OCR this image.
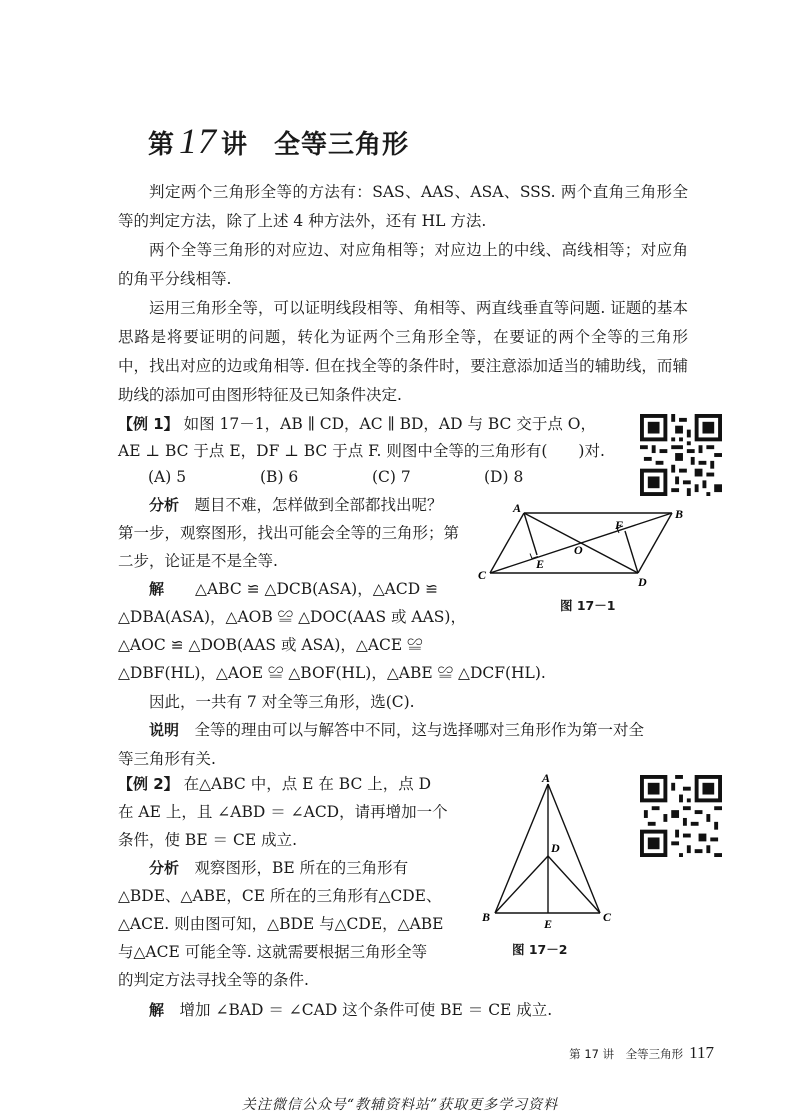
第 17 讲 全等三角形

判定两个三角形全等的方法有：SAS、AAS、ASA、SSS. 两个直角三角形全等的判定方法，除了上述 4 种方法外，还有 HL 方法.

两个全等三角形的对应边、对应角相等；对应边上的中线、高线相等；对应角的角平分线相等.

运用三角形全等，可以证明线段相等、角相等、两直线垂直等问题. 证题的基本思路是将要证明的问题，转化为证两个三角形全等，在要证的两个全等的三角形中，找出对应的边或角相等. 但在找全等的条件时，要注意添加适当的辅助线，而辅助线的添加可由图形特征及已知条件决定.

【例 1】 如图 17－1，AB ∥ CD，AC ∥ BD，AD 与 BC 交于点 O，
AE ⊥ BC 于点 E，DF ⊥ BC 于点 F. 则图中全等的三角形有(　　)对.
(A) 5	(B) 6	(C) 7	(D) 8
分析　 题目不难，怎样做到全部都找出呢？
第一步，观察图形，找出可能会全等的三角形；第
二步，论证是不是全等.
解　　 △ABC ≌ △DCB(ASA)，△ACD ≌
△DBA(ASA)，△AOB ≌ △DOC(AAS 或 AAS)，
△AOC ≌ △DOB(AAS 或 ASA)，△ACE ≌
△DBF(HL)，△AOE ≌ △BOF(HL)，△ABE ≌ △DCF(HL).
因此，一共有 7 对全等三角形，选(C).
说明　 全等的理由可以与解答中不同，这与选择哪对三角形作为第一对全
等三角形有关.
A	B
C	D
E
F
O
图 17－1
【例 2】 在△ABC 中，点 E 在 BC 上，点 D
在 AE 上，且 ∠ABD ＝ ∠ACD，请再增加一个
条件，使 BE ＝ CE 成立.
分析　 观察图形，BE 所在的三角形有
△BDE、△ABE，CE 所在的三角形有△CDE、
△ACE. 则由图可知，△BDE 与△CDE，△ABE
与△ACE 可能全等. 这就需要根据三角形全等
的判定方法寻找全等的条件.
解　 增加 ∠BAD ＝ ∠CAD 这个条件可使 BE ＝ CE 成立.
A
B	C
D
E
图 17－2
第 17 讲　全等三角形 117
关注微信公众号“教辅资料站”获取更多学习资料
